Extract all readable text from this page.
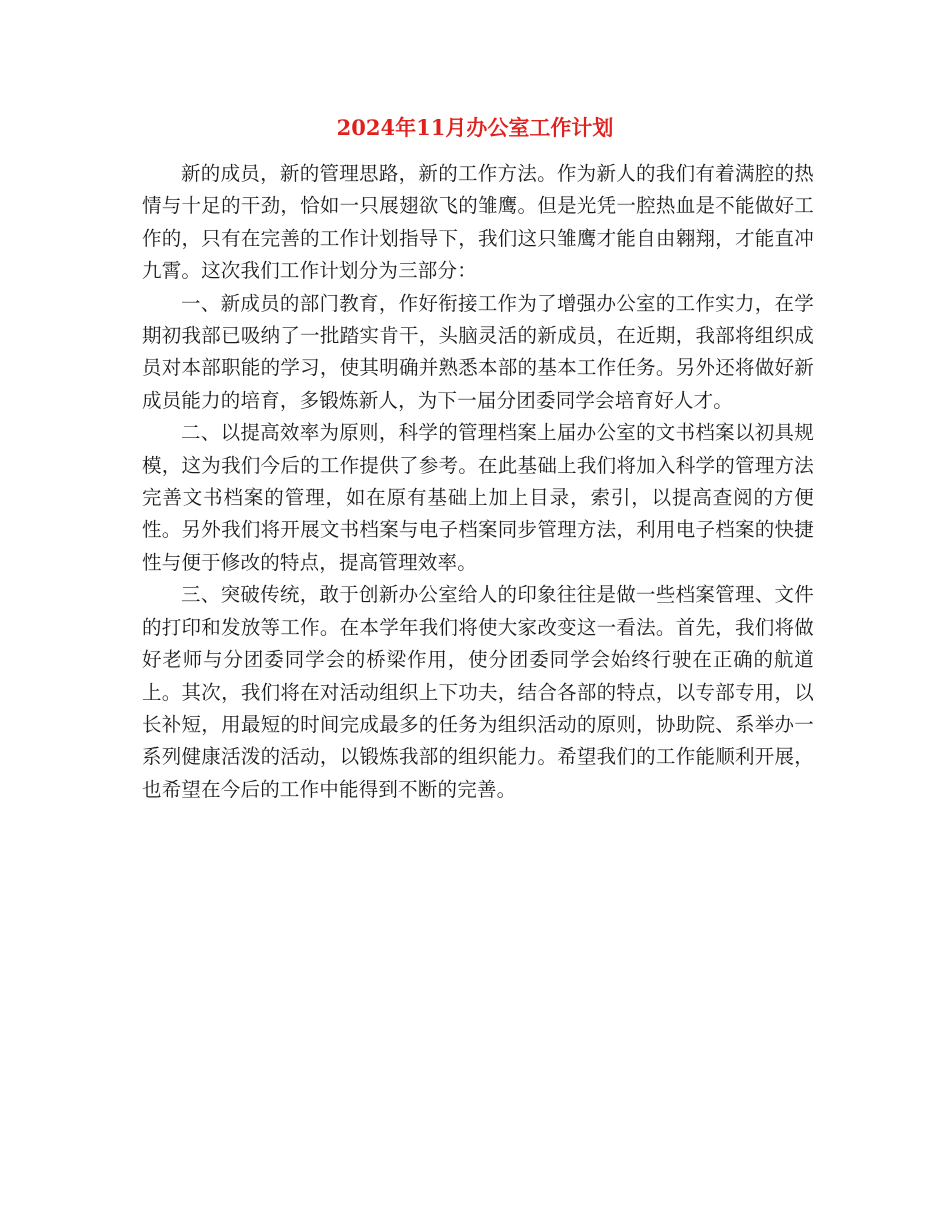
2024年11月办公室工作计划

新的成员，新的管理思路，新的工作方法。作为新人的我们有着满腔的热情与十足的干劲，恰如一只展翅欲飞的雏鹰。但是光凭一腔热血是不能做好工作的，只有在完善的工作计划指导下，我们这只雏鹰才能自由翱翔，才能直冲九霄。这次我们工作计划分为三部分：

一、新成员的部门教育，作好衔接工作为了增强办公室的工作实力，在学期初我部已吸纳了一批踏实肯干，头脑灵活的新成员，在近期，我部将组织成员对本部职能的学习，使其明确并熟悉本部的基本工作任务。另外还将做好新成员能力的培育，多锻炼新人，为下一届分团委同学会培育好人才。

二、以提高效率为原则，科学的管理档案上届办公室的文书档案以初具规模，这为我们今后的工作提供了参考。在此基础上我们将加入科学的管理方法完善文书档案的管理，如在原有基础上加上目录，索引，以提高查阅的方便性。另外我们将开展文书档案与电子档案同步管理方法，利用电子档案的快捷性与便于修改的特点，提高管理效率。

三、突破传统，敢于创新办公室给人的印象往往是做一些档案管理、文件的打印和发放等工作。在本学年我们将使大家改变这一看法。首先，我们将做好老师与分团委同学会的桥梁作用，使分团委同学会始终行驶在正确的航道上。其次，我们将在对活动组织上下功夫，结合各部的特点，以专部专用，以长补短，用最短的时间完成最多的任务为组织活动的原则，协助院、系举办一系列健康活泼的活动，以锻炼我部的组织能力。希望我们的工作能顺利开展，也希望在今后的工作中能得到不断的完善。
